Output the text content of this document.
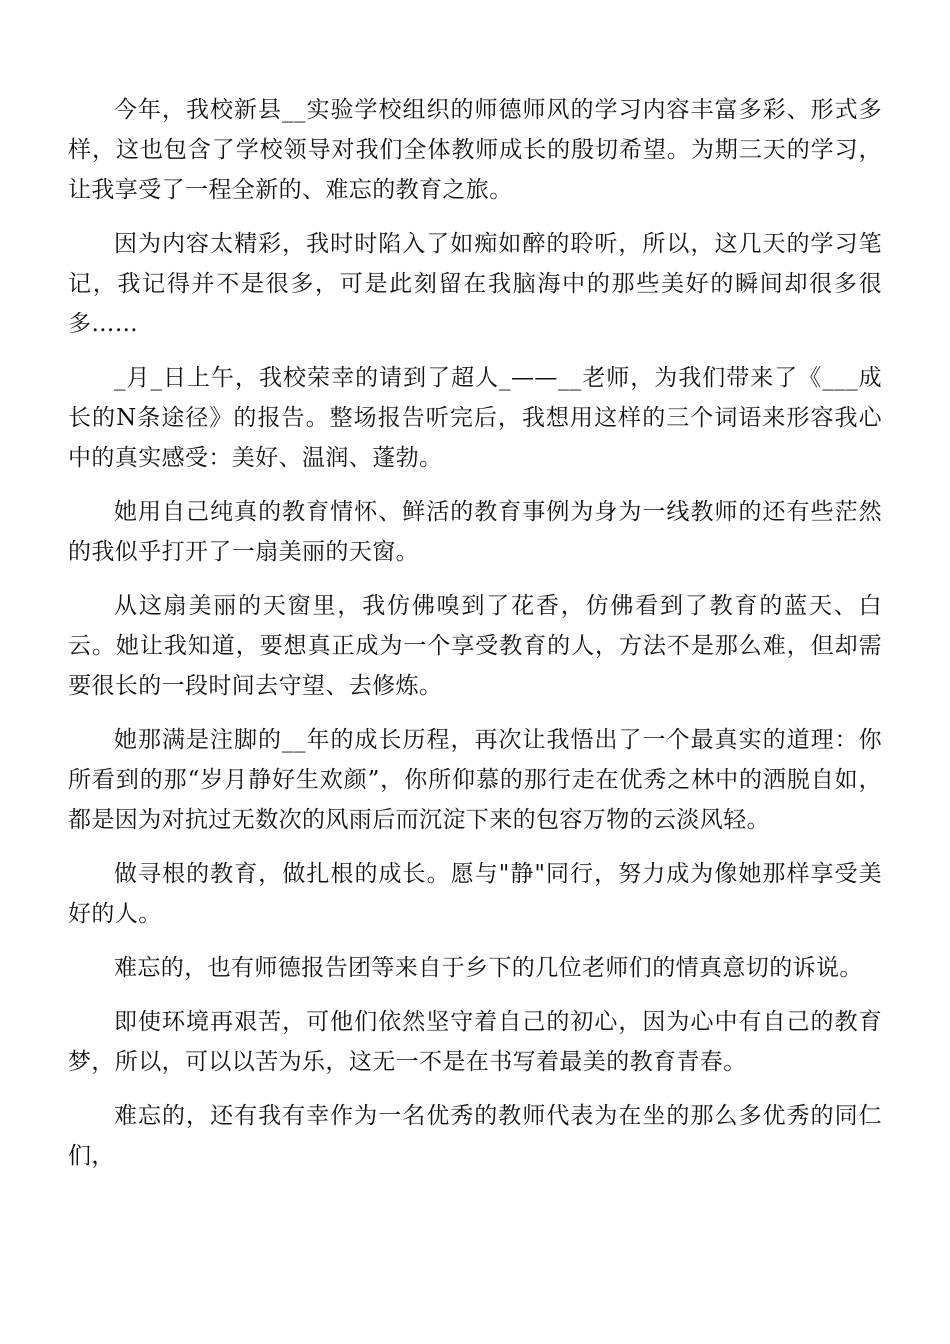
今年，我校新县__实验学校组织的师德师风的学习内容丰富多彩、形式多样，这也包含了学校领导对我们全体教师成长的殷切希望。为期三天的学习，让我享受了一程全新的、难忘的教育之旅。

因为内容太精彩，我时时陷入了如痴如醉的聆听，所以，这几天的学习笔记，我记得并不是很多，可是此刻留在我脑海中的那些美好的瞬间却很多很多……

_月_日上午，我校荣幸的请到了超人_——__老师，为我们带来了《___成长的N条途径》的报告。整场报告听完后，我想用这样的三个词语来形容我心中的真实感受：美好、温润、蓬勃。

她用自己纯真的教育情怀、鲜活的教育事例为身为一线教师的还有些茫然的我似乎打开了一扇美丽的天窗。

从这扇美丽的天窗里，我仿佛嗅到了花香，仿佛看到了教育的蓝天、白云。她让我知道，要想真正成为一个享受教育的人，方法不是那么难，但却需要很长的一段时间去守望、去修炼。

她那满是注脚的__年的成长历程，再次让我悟出了一个最真实的道理：你所看到的那“岁月静好生欢颜”，你所仰慕的那行走在优秀之林中的洒脱自如，都是因为对抗过无数次的风雨后而沉淀下来的包容万物的云淡风轻。

做寻根的教育，做扎根的成长。愿与"静"同行，努力成为像她那样享受美好的人。

难忘的，也有师德报告团等来自于乡下的几位老师们的情真意切的诉说。

即使环境再艰苦，可他们依然坚守着自己的初心，因为心中有自己的教育梦，所以，可以以苦为乐，这无一不是在书写着最美的教育青春。

难忘的，还有我有幸作为一名优秀的教师代表为在坐的那么多优秀的同仁们，
